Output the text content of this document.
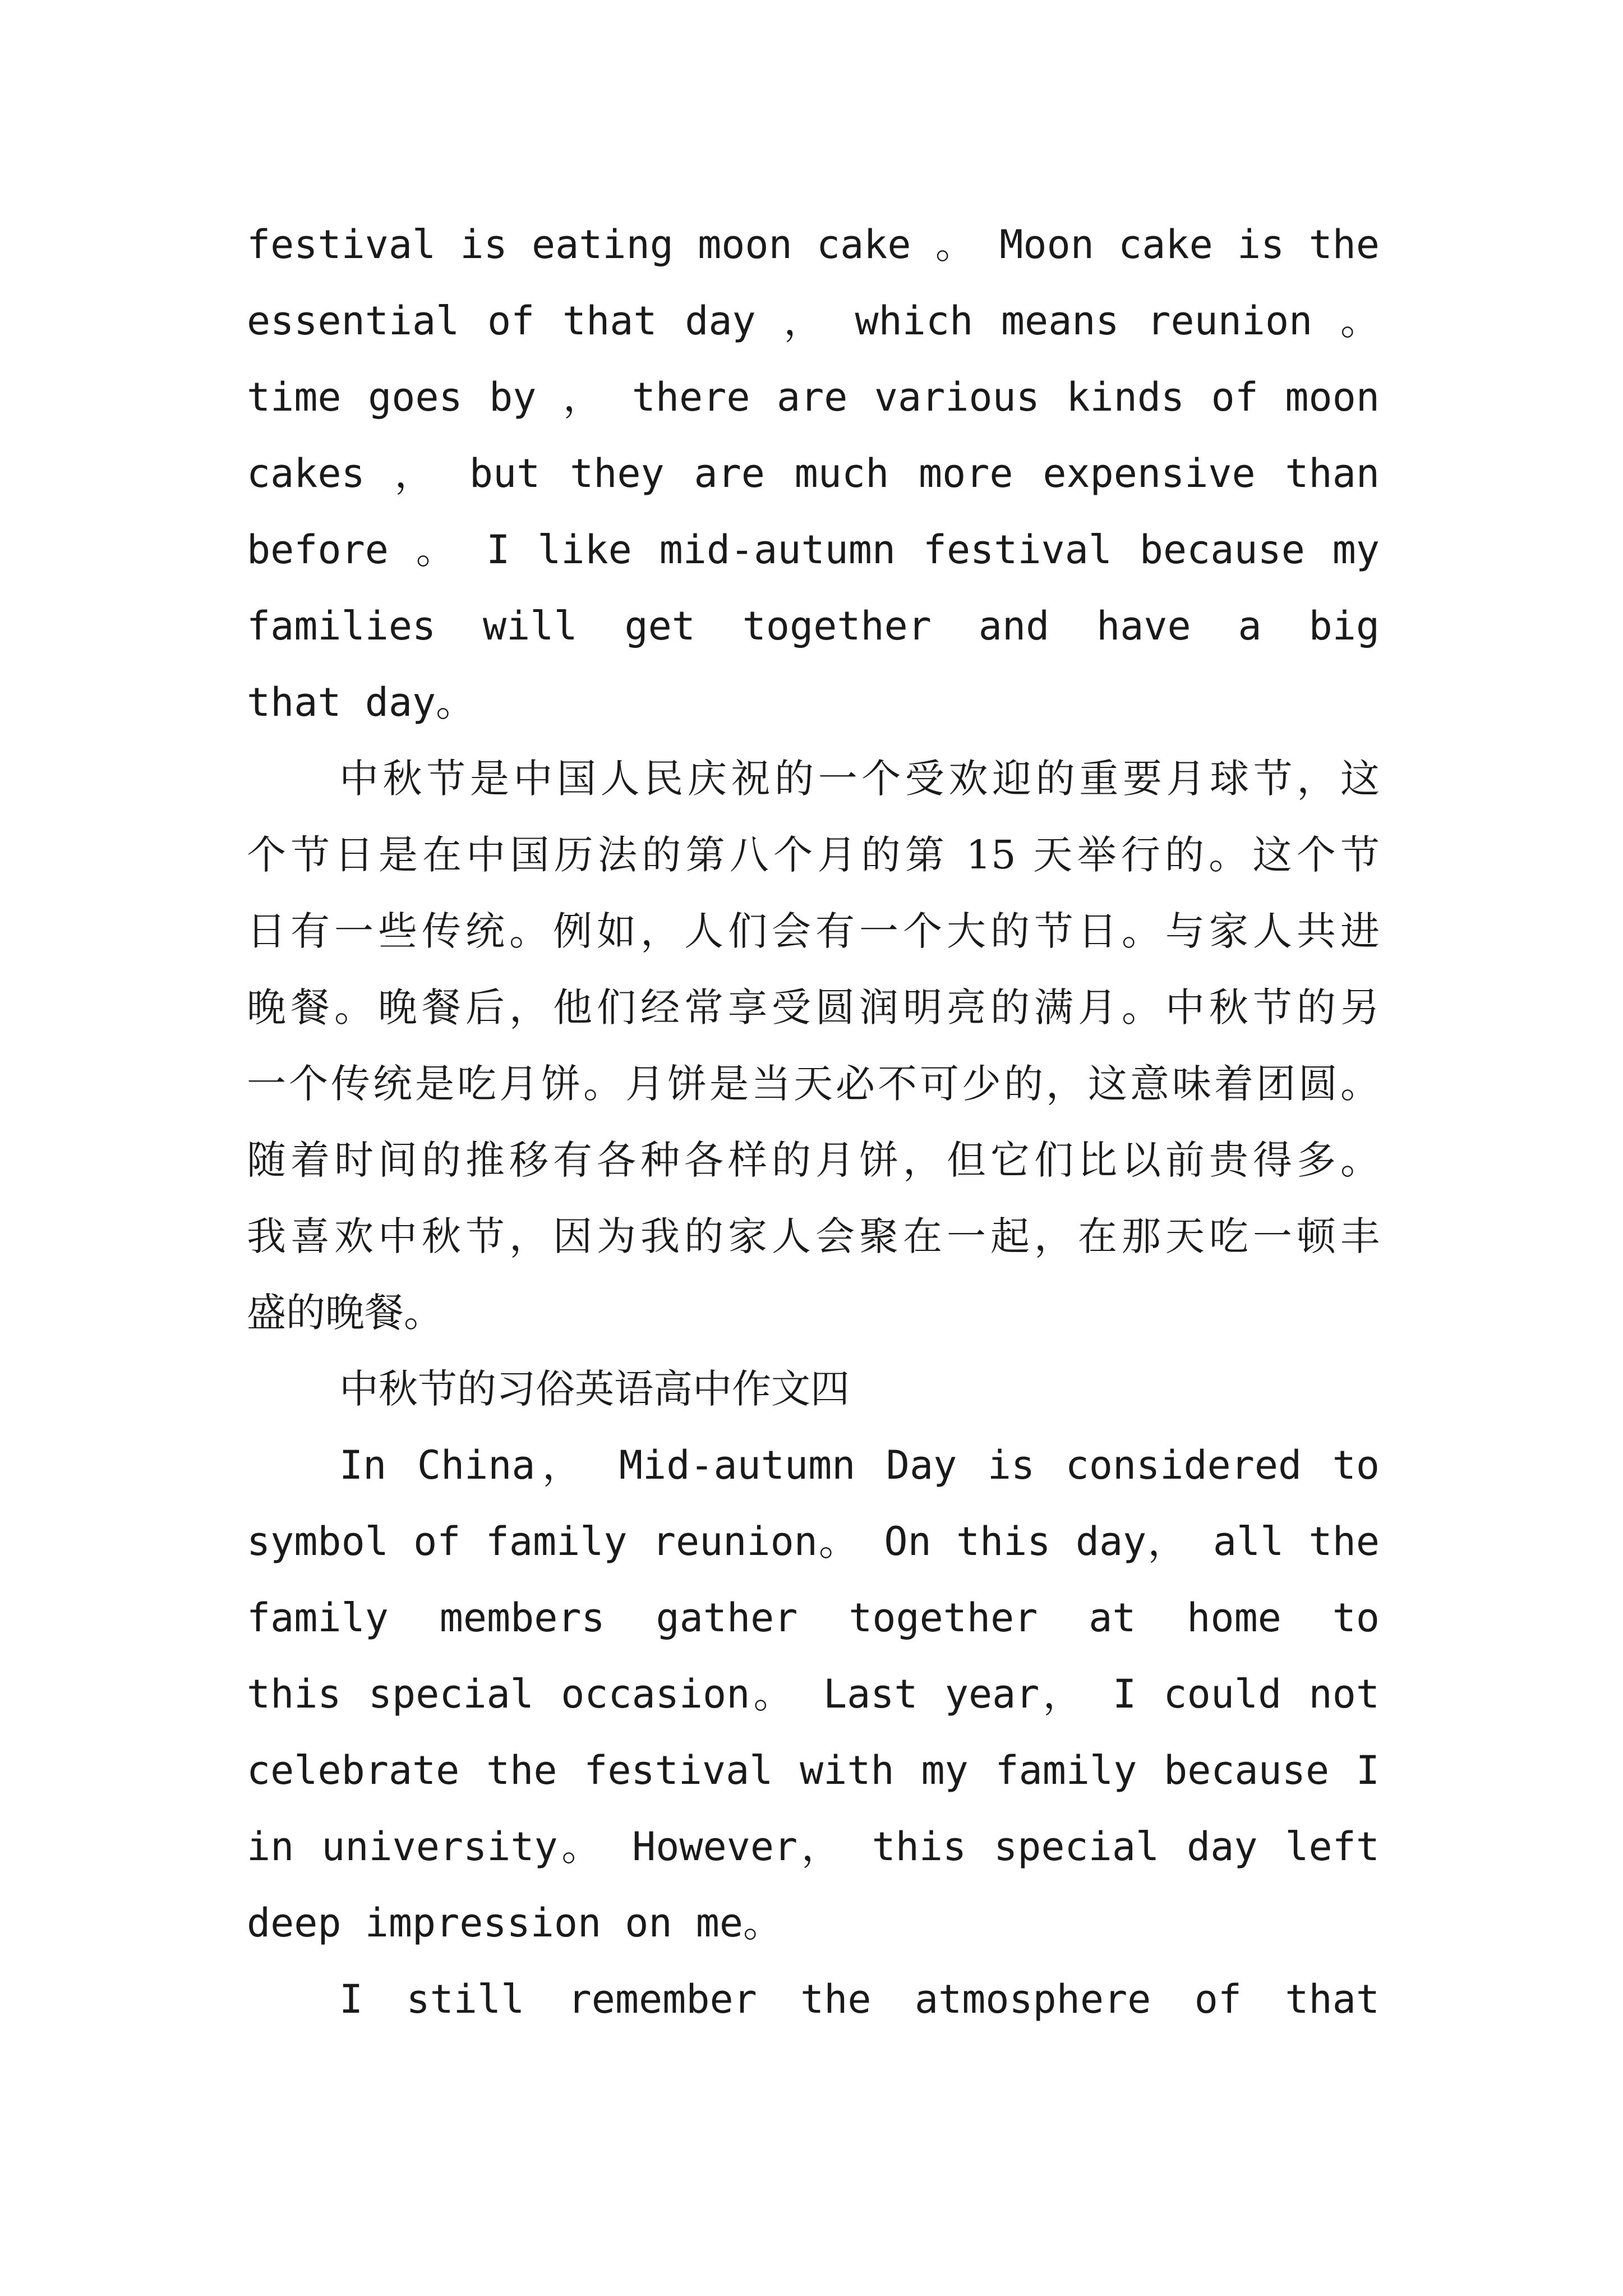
festival is eating moon cake 。 Moon cake is the
essential of that day ， which means reunion 。
time goes by ， there are various kinds of moon
cakes ， but they are much more expensive than
before 。 I like mid-autumn festival because my
families will get together and have a big
that day。
中秋节是中国人民庆祝的一个受欢迎的重要月球节，这
个节日是在中国历法的第八个月的第 15 天举行的。这个节
日有一些传统。例如，人们会有一个大的节日。与家人共进
晚餐。晚餐后，他们经常享受圆润明亮的满月。中秋节的另
一个传统是吃月饼。月饼是当天必不可少的，这意味着团圆。
随着时间的推移有各种各样的月饼，但它们比以前贵得多。
我喜欢中秋节，因为我的家人会聚在一起，在那天吃一顿丰
盛的晚餐。
中秋节的习俗英语高中作文四
In China， Mid-autumn Day is considered to
symbol of family reunion。 On this day， all the
family members gather together at home to
this special occasion。 Last year， I could not
celebrate the festival with my family because I
in university。 However， this special day left
deep impression on me。
I still remember the atmosphere of that
